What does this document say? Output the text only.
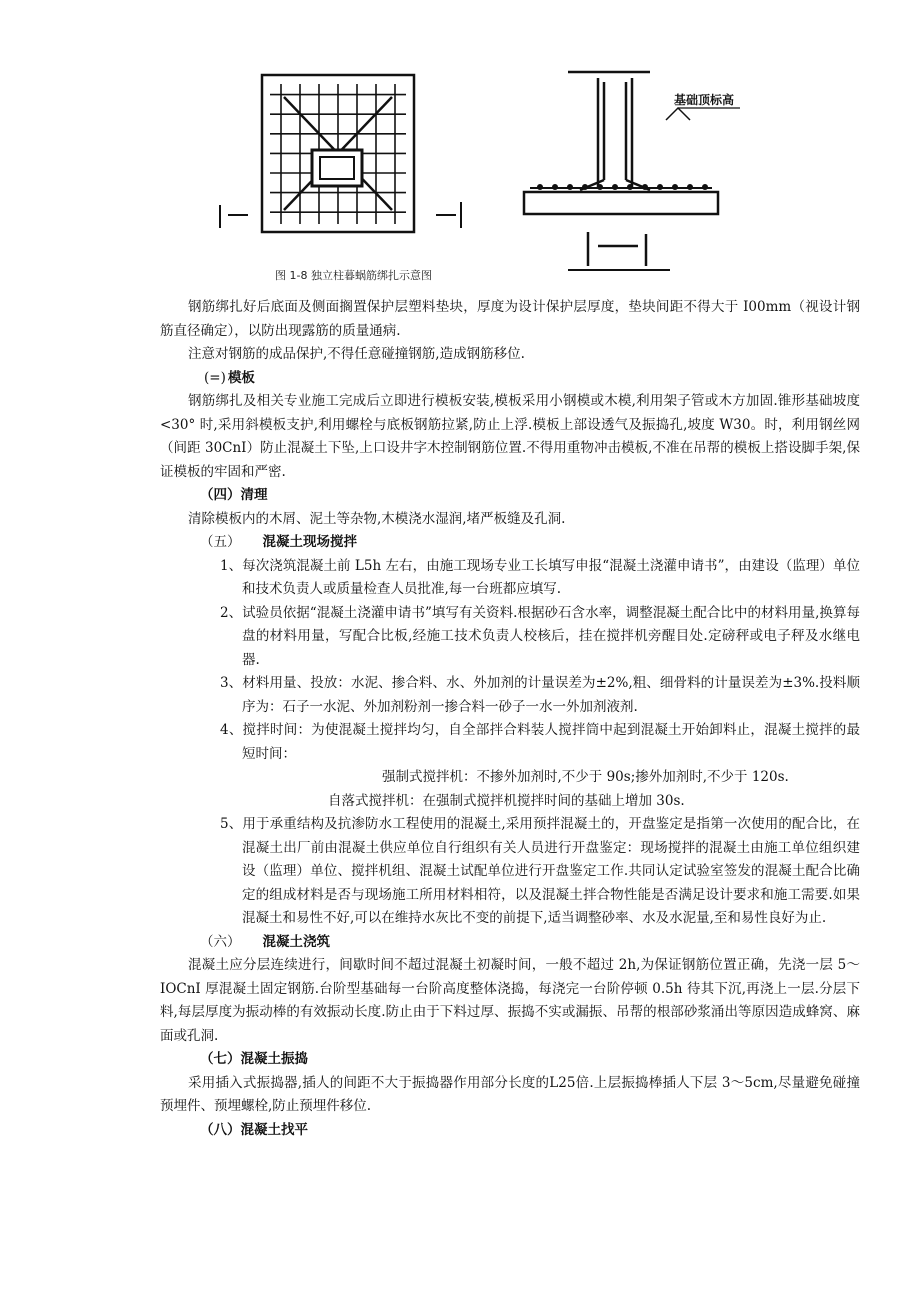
I
I
基础顶标高
I—I
图 1-8 独立柱暮蜗筋绑扎示意图

钢筋绑扎好后底面及侧面搁置保护层塑料垫块，厚度为设计保护层厚度，垫块间距不得大于 I00mm（视设计钢筋直径确定），以防出现露筋的质量通病.

注意对钢筋的成品保护,不得任意碰撞钢筋,造成钢筋移位.

(=) 模板

钢筋绑扎及相关专业施工完成后立即进行模板安装,模板采用小钢模或木模,利用架子管或木方加固.锥形基础坡度<30° 时,采用斜模板支护,利用螺栓与底板钢筋拉紧,防止上浮.模板上部设透气及振捣孔,坡度 W30。时，利用钢丝网（间距 30CnI）防止混凝土下坠,上口设井字木控制钢筋位置.不得用重物冲击模板,不准在吊帮的模板上搭设脚手架,保证模板的牢固和严密.

（四）清理

清除模板内的木屑、泥土等杂物,木模浇水湿润,堵严板缝及孔洞.

（五） 混凝土现场搅拌

1、每次浇筑混凝土前 L5h 左右，由施工现场专业工长填写申报“混凝土浇灌申请书”，由建设（监理）单位和技术负责人或质量检查人员批准,每一台班都应填写.

2、试验员依据“混凝土浇灌申请书”填写有关资料.根据砂石含水率，调整混凝土配合比中的材料用量,换算每盘的材料用量，写配合比板,经施工技术负责人校核后，挂在搅拌机旁醒目处.定磅秤或电子秤及水继电器.

3、材料用量、投放：水泥、掺合料、水、外加剂的计量误差为±2%,粗、细骨料的计量误差为±3%.投料顺序为：石子一水泥、外加剂粉剂一掺合料一砂子一水一外加剂液剂.

4、搅拌时间：为使混凝土搅拌均匀，自全部拌合料装人搅拌筒中起到混凝土开始卸料止，混凝土搅拌的最短时间：

强制式搅拌机：不掺外加剂时,不少于 90s;掺外加剂时,不少于 120s.

自落式搅拌机：在强制式搅拌机搅拌时间的基础上增加 30s.

5、用于承重结构及抗渗防水工程使用的混凝土,采用预拌混凝土的，开盘鉴定是指第一次使用的配合比，在混凝土出厂前由混凝土供应单位自行组织有关人员进行开盘鉴定：现场搅拌的混凝土由施工单位组织建设（监理）单位、搅拌机组、混凝土试配单位进行开盘鉴定工作.共同认定试验室签发的混凝土配合比确定的组成材料是否与现场施工所用材料相符，以及混凝土拌合物性能是否满足设计要求和施工需要.如果混凝土和易性不好,可以在维持水灰比不变的前提下,适当调整砂率、水及水泥量,至和易性良好为止.

（六） 混凝土浇筑

混凝土应分层连续进行，间歇时间不超过混凝土初凝时间，一般不超过 2h,为保证钢筋位置正确，先浇一层 5～IOCnI 厚混凝土固定钢筋.台阶型基础每一台阶高度整体浇捣，每浇完一台阶停顿 0.5h 待其下沉,再浇上一层.分层下料,每层厚度为振动棒的有效振动长度.防止由于下料过厚、振捣不实或漏振、吊帮的根部砂浆涌出等原因造成蜂窝、麻面或孔洞.

（七）混凝土振捣

采用插入式振捣器,插人的间距不大于振捣器作用部分长度的L25倍.上层振捣棒插人下层 3～5cm,尽量避免碰撞预埋件、预埋螺栓,防止预埋件移位.

（八）混凝土找平
